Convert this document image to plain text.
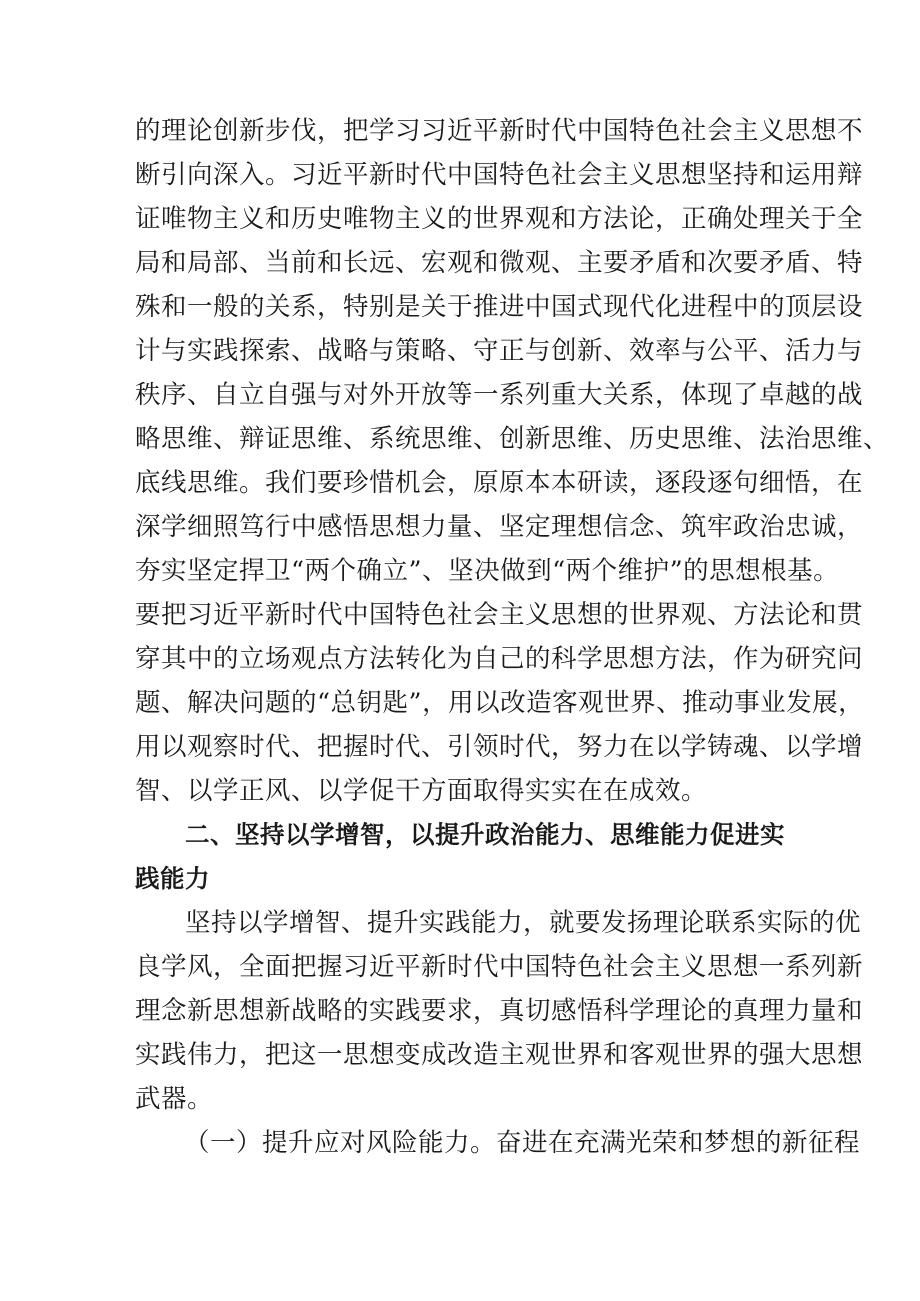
的理论创新步伐，把学习习近平新时代中国特色社会主义思想不

断引向深入。习近平新时代中国特色社会主义思想坚持和运用辩

证唯物主义和历史唯物主义的世界观和方法论，正确处理关于全

局和局部、当前和长远、宏观和微观、主要矛盾和次要矛盾、特

殊和一般的关系，特别是关于推进中国式现代化进程中的顶层设

计与实践探索、战略与策略、守正与创新、效率与公平、活力与

秩序、自立自强与对外开放等一系列重大关系，体现了卓越的战

略思维、辩证思维、系统思维、创新思维、历史思维、法治思维、

底线思维。我们要珍惜机会，原原本本研读，逐段逐句细悟，在

深学细照笃行中感悟思想力量、坚定理想信念、筑牢政治忠诚，

夯实坚定捍卫“两个确立”、坚决做到“两个维护”的思想根基。

要把习近平新时代中国特色社会主义思想的世界观、方法论和贯

穿其中的立场观点方法转化为自己的科学思想方法，作为研究问

题、解决问题的“总钥匙”，用以改造客观世界、推动事业发展，

用以观察时代、把握时代、引领时代，努力在以学铸魂、以学增

智、以学正风、以学促干方面取得实实在在成效。

二、坚持以学增智，以提升政治能力、思维能力促进实

践能力

坚持以学增智、提升实践能力，就要发扬理论联系实际的优

良学风，全面把握习近平新时代中国特色社会主义思想一系列新

理念新思想新战略的实践要求，真切感悟科学理论的真理力量和

实践伟力，把这一思想变成改造主观世界和客观世界的强大思想

武器。

（一）提升应对风险能力。奋进在充满光荣和梦想的新征程
